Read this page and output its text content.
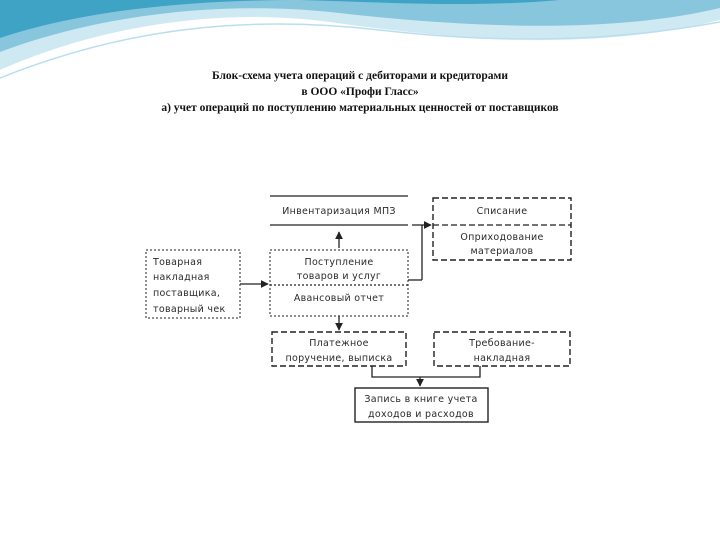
Блок-схема учета операций с дебиторами и кредиторами

в ООО «Профи Гласс»

а) учет операций по поступлению материальных ценностей от поставщиков

Инвентаризация МПЗ	Списание
Оприходование
материалов
Товарная
накладная
поставщика,
товарный чек
Поступление
товаров и услуг
Авансовый отчет
Платежное
поручение, выписка
Требование-
накладная
Запись в книге учета
доходов и расходов
